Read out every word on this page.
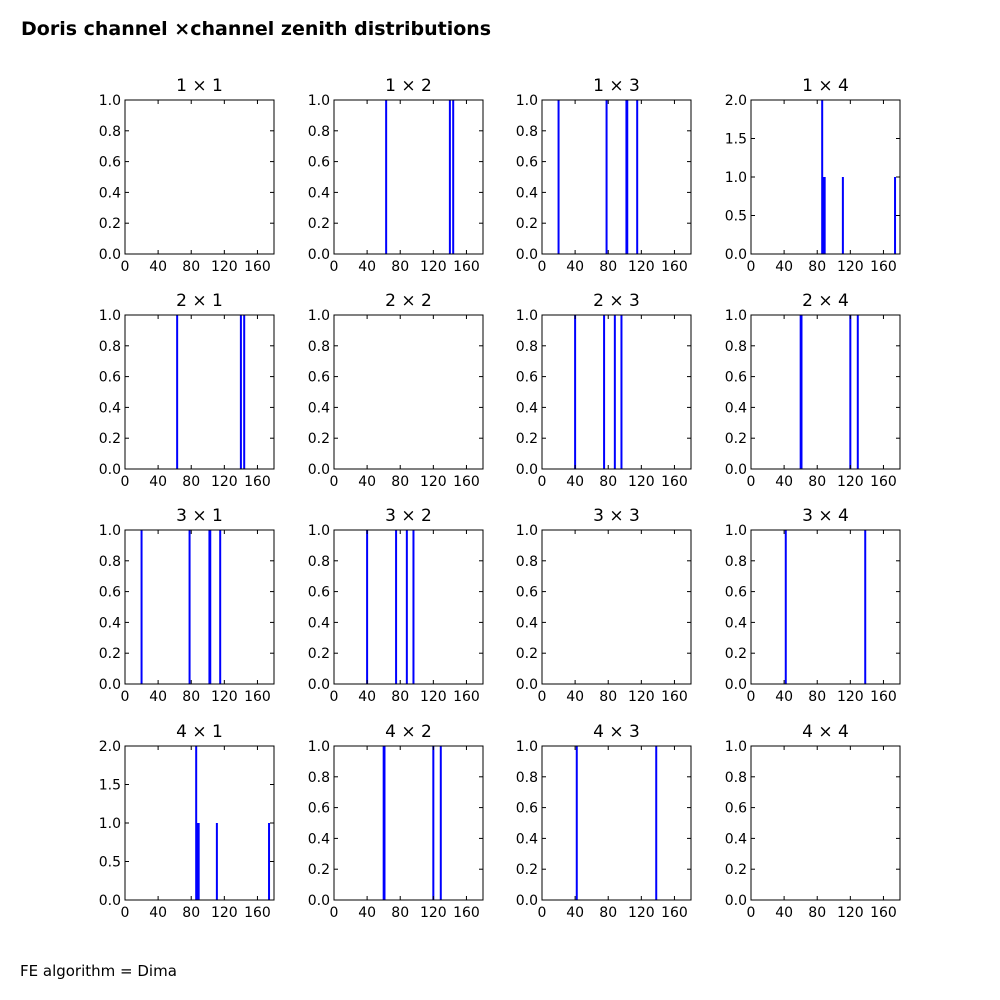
Doris channel ×channel zenith distributions
1 × 1
0 40 80 120 160
0.0
0.2
0.4
0.6
0.8
1.0
1 × 2
0 40 80 120 160
0.0
0.2
0.4
0.6
0.8
1.0
1 × 3
0 40 80 120 160
0.0
0.2
0.4
0.6
0.8
1.0
1 × 4
0 40 80 120 160
0.0
0.5
1.0
1.5
2.0
2 × 1
0 40 80 120 160
0.0
0.2
0.4
0.6
0.8
1.0
2 × 2
0 40 80 120 160
0.0
0.2
0.4
0.6
0.8
1.0
2 × 3
0 40 80 120 160
0.0
0.2
0.4
0.6
0.8
1.0
2 × 4
0 40 80 120 160
0.0
0.2
0.4
0.6
0.8
1.0
3 × 1
0 40 80 120 160
0.0
0.2
0.4
0.6
0.8
1.0
3 × 2
0 40 80 120 160
0.0
0.2
0.4
0.6
0.8
1.0
3 × 3
0 40 80 120 160
0.0
0.2
0.4
0.6
0.8
1.0
3 × 4
0 40 80 120 160
0.0
0.2
0.4
0.6
0.8
1.0
4 × 1
0 40 80 120 160
0.0
0.5
1.0
1.5
2.0
4 × 2
0 40 80 120 160
0.0
0.2
0.4
0.6
0.8
1.0
4 × 3
0 40 80 120 160
0.0
0.2
0.4
0.6
0.8
1.0
4 × 4
0 40 80 120 160
0.0
0.2
0.4
0.6
0.8
1.0
FE algorithm = Dima
